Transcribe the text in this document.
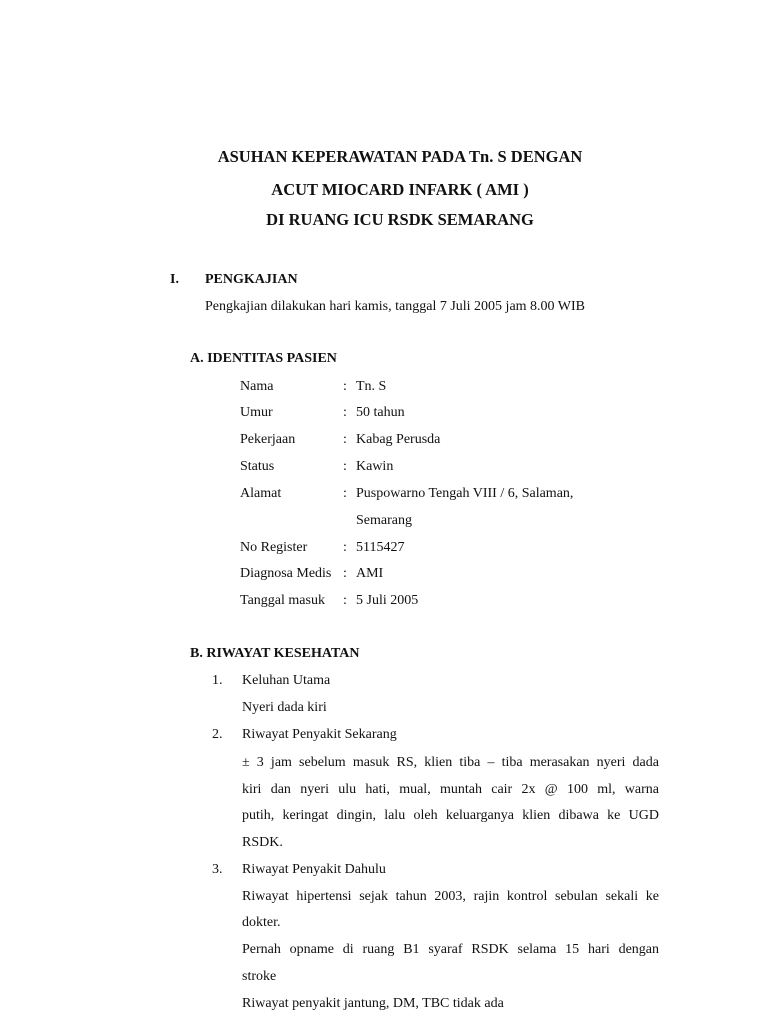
ASUHAN KEPERAWATAN PADA Tn. S DENGAN
ACUT MIOCARD INFARK ( AMI )
DI RUANG ICU RSDK SEMARANG
I. PENGKAJIAN
Pengkajian dilakukan hari kamis, tanggal 7 Juli 2005 jam 8.00 WIB
A. IDENTITAS PASIEN
Nama	: Tn. S
Umur	: 50 tahun
Pekerjaan	: Kabag Perusda
Status	: Kawin
Alamat	: Puspowarno Tengah VIII / 6, Salaman,
Semarang
No Register	: 5115427
Diagnosa Medis : AMI
Tanggal masuk : 5 Juli 2005
B. RIWAYAT KESEHATAN
1. Keluhan Utama
Nyeri dada kiri
2. Riwayat Penyakit Sekarang
± 3 jam sebelum masuk RS, klien tiba – tiba merasakan nyeri dada
kiri dan nyeri ulu hati, mual, muntah cair 2x @ 100 ml, warna
putih, keringat dingin, lalu oleh keluarganya klien dibawa ke UGD
RSDK.
3. Riwayat Penyakit Dahulu
Riwayat hipertensi sejak tahun 2003, rajin kontrol sebulan sekali ke
dokter.
Pernah opname di ruang B1 syaraf RSDK selama 15 hari dengan
stroke
Riwayat penyakit jantung, DM, TBC tidak ada
